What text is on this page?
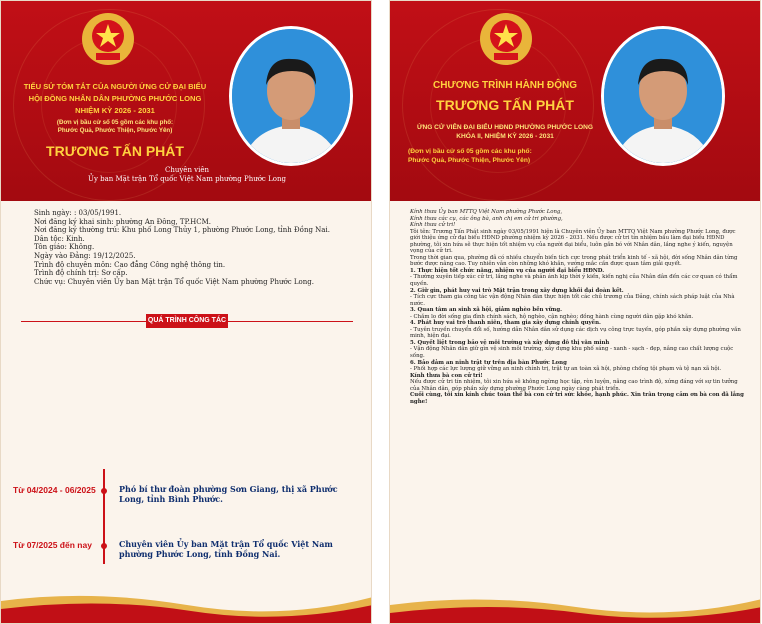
TIỂU SỬ TÓM TẮT CỦA NGƯỜI ỨNG CỬ ĐẠI BIỂU
HỘI ĐỒNG NHÂN DÂN PHƯỜNG PHƯỚC LONG
NHIỆM KỲ 2026 - 2031
(Đơn vị bầu cử số 05 gồm các khu phố:
Phước Quả, Phước Thiện, Phước Yên)
TRƯƠNG TẤN PHÁT
Chuyên viên
Ủy ban Mặt trận Tổ quốc Việt Nam phường Phước Long
Sinh ngày: : 03/05/1991.
Nơi đăng ký khai sinh: phường An Đông, TP.HCM.
Nơi đăng ký thường trú: Khu phố Long Thủy 1, phường Phước Long, tỉnh Đồng Nai.
Dân tộc: Kinh.
Tôn giáo: Không.
Ngày vào Đảng: 19/12/2025.
Trình độ chuyên môn: Cao đẳng Công nghệ thông tin.
Trình độ chính trị: Sơ cấp.
Chức vụ: Chuyên viên Ủy ban Mặt trận Tổ quốc Việt Nam phường Phước Long.
QUÁ TRÌNH CÔNG TÁC
Từ 04/2024 - 06/2025	Phó bí thư đoàn phường Sơn Giang, thị xã Phước Long, tỉnh Bình Phước.
Từ 07/2025 đến nay	Chuyên viên Ủy ban Mặt trận Tổ quốc Việt Nam phường Phước Long, tỉnh Đồng Nai.
CHƯƠNG TRÌNH HÀNH ĐỘNG
TRƯƠNG TẤN PHÁT
ỨNG CỬ VIÊN ĐẠI BIỂU HĐND PHƯỜNG PHƯỚC LONG
KHÓA II, NHIỆM KỲ 2026 - 2031
(Đơn vị bầu cử số 05 gồm các khu phố:
Phước Quả, Phước Thiện, Phước Yên)

Kính thưa Ủy ban MTTQ Việt Nam phường Phước Long,

Kính thưa các cụ, các ông bà, anh chị em cử tri phường,

Kính thưa cử tri!

Tôi tên: Trương Tấn Phát sinh ngày 03/05/1991 hiện là Chuyên viên Ủy ban MTTQ Việt Nam phường Phước Long, được giới thiệu ứng cử đại biểu HĐND phường nhiệm kỳ 2026 - 2031. Nếu được cử tri tín nhiệm bầu làm đại biểu HĐND phường, tôi xin hứa sẽ thực hiện tốt nhiệm vụ của người đại biểu, luôn gắn bó với Nhân dân, lắng nghe ý kiến, nguyện vọng của cử tri.

Trong thời gian qua, phường đã có nhiều chuyển biến tích cực trong phát triển kinh tế - xã hội, đời sống Nhân dân từng bước được nâng cao. Tuy nhiên vẫn còn những khó khăn, vướng mắc cần được quan tâm giải quyết.

1. Thực hiện tốt chức năng, nhiệm vụ của người đại biểu HĐND.

- Thường xuyên tiếp xúc cử tri, lắng nghe và phản ánh kịp thời ý kiến, kiến nghị của Nhân dân đến các cơ quan có thẩm quyền.

2. Giữ gìn, phát huy vai trò Mặt trận trong xây dựng khối đại đoàn kết.

- Tích cực tham gia công tác vận động Nhân dân thực hiện tốt các chủ trương của Đảng, chính sách pháp luật của Nhà nước.

3. Quan tâm an sinh xã hội, giảm nghèo bền vững.

- Chăm lo đời sống gia đình chính sách, hộ nghèo, cận nghèo; đồng hành cùng người dân gặp khó khăn.

4. Phát huy vai trò thanh niên, tham gia xây dựng chính quyền.

- Tuyên truyền chuyển đổi số, hướng dẫn Nhân dân sử dụng các dịch vụ công trực tuyến, góp phần xây dựng phường văn minh, hiện đại.

5. Quyết liệt trong bảo vệ môi trường và xây dựng đô thị văn minh

- Vận động Nhân dân giữ gìn vệ sinh môi trường, xây dựng khu phố sáng - xanh - sạch - đẹp, nâng cao chất lượng cuộc sống.

6. Bảo đảm an ninh trật tự trên địa bàn Phước Long

- Phối hợp các lực lượng giữ vững an ninh chính trị, trật tự an toàn xã hội, phòng chống tội phạm và tệ nạn xã hội.

Kính thưa bà con cử tri!

Nếu được cử tri tín nhiệm, tôi xin hứa sẽ không ngừng học tập, rèn luyện, nâng cao trình độ, xứng đáng với sự tin tưởng của Nhân dân, góp phần xây dựng phường Phước Long ngày càng phát triển.

Cuối cùng, tôi xin kính chúc toàn thể bà con cử tri sức khỏe, hạnh phúc. Xin trân trọng cảm ơn bà con đã lắng nghe!
